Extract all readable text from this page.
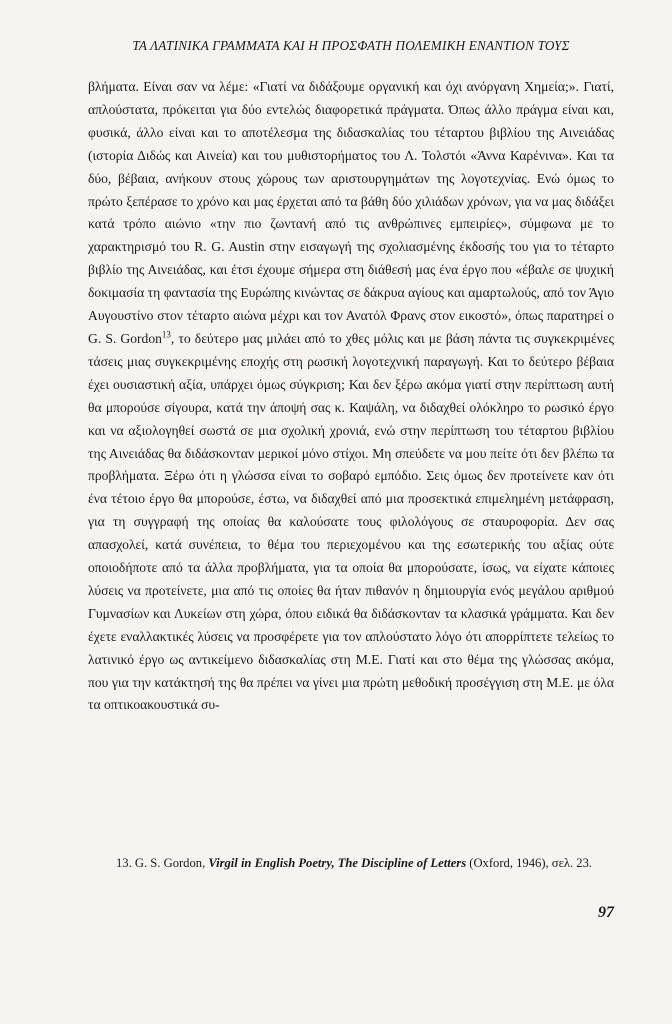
ΤΑ ΛΑΤΙΝΙΚΑ ΓΡΑΜΜΑΤΑ ΚΑΙ Η ΠΡΟΣΦΑΤΗ ΠΟΛΕΜΙΚΗ ΕΝΑΝΤΙΟΝ ΤΟΥΣ

βλήματα. Είναι σαν να λέμε: «Γιατί να διδάξουμε οργανική και όχι ανόργανη Χημεία;». Γιατί, απλούστατα, πρόκειται για δύο εντελώς διαφορετικά πράγματα. Όπως άλλο πράγμα είναι και, φυσικά, άλλο είναι και το αποτέλεσμα της διδασκαλίας του τέταρτου βιβλίου της Αινειάδας (ιστορία Διδώς και Αινεία) και του μυθιστορήματος του Λ. Τολστόι «Άννα Καρένινα». Και τα δύο, βέβαια, ανήκουν στους χώρους των αριστουργημάτων της λογοτεχνίας. Ενώ όμως το πρώτο ξεπέρασε το χρόνο και μας έρχεται από τα βάθη δύο χιλιάδων χρόνων, για να μας διδάξει κατά τρόπο αιώνιο «την πιο ζωντανή από τις ανθρώπινες εμπειρίες», σύμφωνα με το χαρακτηρισμό του R. G. Austin στην εισαγωγή της σχολιασμένης έκδοσής του για το τέταρτο βιβλίο της Αινειάδας, και έτσι έχουμε σήμερα στη διάθεσή μας ένα έργο που «έβαλε σε ψυχική δοκιμασία τη φαντασία της Ευρώπης κινώντας σε δάκρυα αγίους και αμαρτωλούς, από τον Άγιο Αυγουστίνο στον τέταρτο αιώνα μέχρι και τον Ανατόλ Φρανς στον εικοστό», όπως παρατηρεί ο G. S. Gordon$^{13}$, το δεύτερο μας μιλάει από το χθες μόλις και με βάση πάντα τις συγκεκριμένες τάσεις μιας συγκεκριμένης εποχής στη ρωσική λογοτεχνική παραγωγή. Και το δεύτερο βέβαια έχει ουσιαστική αξία, υπάρχει όμως σύγκριση; Και δεν ξέρω ακόμα γιατί στην περίπτωση αυτή θα μπορούσε σίγουρα, κατά την άποψή σας κ. Καψάλη, να διδαχθεί ολόκληρο το ρωσικό έργο και να αξιολογηθεί σωστά σε μια σχολική χρονιά, ενώ στην περίπτωση του τέταρτου βιβλίου της Αινειάδας θα διδάσκονταν μερικοί μόνο στίχοι. Μη σπεύδετε να μου πείτε ότι δεν βλέπω τα προβλήματα. Ξέρω ότι η γλώσσα είναι το σοβαρό εμπόδιο. Σεις όμως δεν προτείνετε καν ότι ένα τέτοιο έργο θα μπορούσε, έστω, να διδαχθεί από μια προσεκτικά επιμελημένη μετάφραση, για τη συγγραφή της οποίας θα καλούσατε τους φιλολόγους σε σταυροφορία. Δεν σας απασχολεί, κατά συνέπεια, το θέμα του περιεχομένου και της εσωτερικής του αξίας ούτε οποιοδήποτε από τα άλλα προβλήματα, για τα οποία θα μπορούσατε, ίσως, να είχατε κάποιες λύσεις να προτείνετε, μια από τις οποίες θα ήταν πιθανόν η δημιουργία ενός μεγάλου αριθμού Γυμνασίων και Λυκείων στη χώρα, όπου ειδικά θα διδάσκονταν τα κλασικά γράμματα. Και δεν έχετε εναλλακτικές λύσεις να προσφέρετε για τον απλούστατο λόγο ότι απορρίπτετε τελείως το λατινικό έργο ως αντικείμενο διδασκαλίας στη Μ.Ε. Γιατί και στο θέμα της γλώσσας ακόμα, που για την κατάκτησή της θα πρέπει να γίνει μια πρώτη μεθοδική προσέγγιση στη Μ.Ε. με όλα τα οπτικοακουστικά συ-

13. G. S. Gordon, Virgil in English Poetry, The Discipline of Letters (Oxford, 1946), σελ. 23.

97
